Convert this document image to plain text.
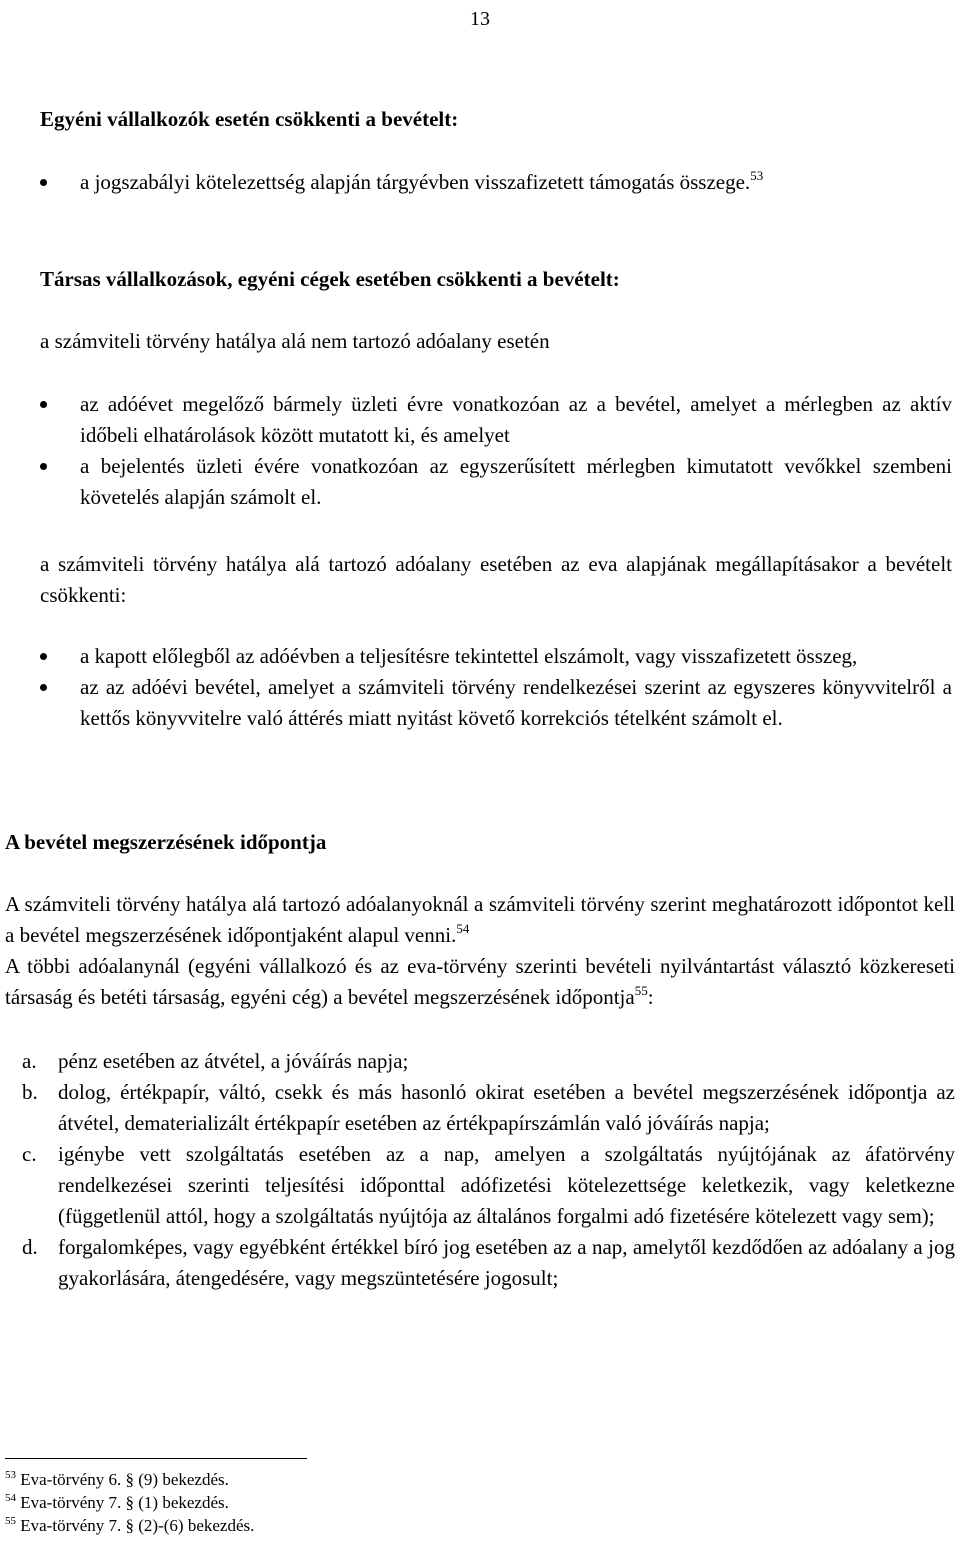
13
Egyéni vállalkozók esetén csökkenti a bevételt:
a jogszabályi kötelezettség alapján tárgyévben visszafizetett támogatás összege.$^{53}$
Társas vállalkozások, egyéni cégek esetében csökkenti a bevételt:
a számviteli törvény hatálya alá nem tartozó adóalany esetén
az adóévet megelőző bármely üzleti évre vonatkozóan az a bevétel, amelyet a mérlegben az aktív időbeli elhatárolások között mutatott ki, és amelyet
a bejelentés üzleti évére vonatkozóan az egyszerűsített mérlegben kimutatott vevőkkel szembeni követelés alapján számolt el.
a számviteli törvény hatálya alá tartozó adóalany esetében az eva alapjának megállapításakor a bevételt csökkenti:
a kapott előlegből az adóévben a teljesítésre tekintettel elszámolt, vagy visszafizetett összeg,
az az adóévi bevétel, amelyet a számviteli törvény rendelkezései szerint az egyszeres könyvvitelről a kettős könyvvitelre való áttérés miatt nyitást követő korrekciós tételként számolt el.
A bevétel megszerzésének időpontja
A számviteli törvény hatálya alá tartozó adóalanyoknál a számviteli törvény szerint meghatározott időpontot kell a bevétel megszerzésének időpontjaként alapul venni.$^{54}$
A többi adóalanynál (egyéni vállalkozó és az eva-törvény szerinti bevételi nyilvántartást választó közkereseti társaság és betéti társaság, egyéni cég) a bevétel megszerzésének időpontja$^{55}$:
a. pénz esetében az átvétel, a jóváírás napja;
b. dolog, értékpapír, váltó, csekk és más hasonló okirat esetében a bevétel megszerzésének időpontja az átvétel, dematerializált értékpapír esetében az értékpapírszámlán való jóváírás napja;
c. igénybe vett szolgáltatás esetében az a nap, amelyen a szolgáltatás nyújtójának az áfatörvény rendelkezései szerinti teljesítési időponttal adófizetési kötelezettsége keletkezik, vagy keletkezne (függetlenül attól, hogy a szolgáltatás nyújtója az általános forgalmi adó fizetésére kötelezett vagy sem);
d. forgalomképes, vagy egyébként értékkel bíró jog esetében az a nap, amelytől kezdődően az adóalany a jog gyakorlására, átengedésére, vagy megszüntetésére jogosult;
$^{53}$ Eva-törvény 6. § (9) bekezdés.
$^{54}$ Eva-törvény 7. § (1) bekezdés.
$^{55}$ Eva-törvény 7. § (2)-(6) bekezdés.
